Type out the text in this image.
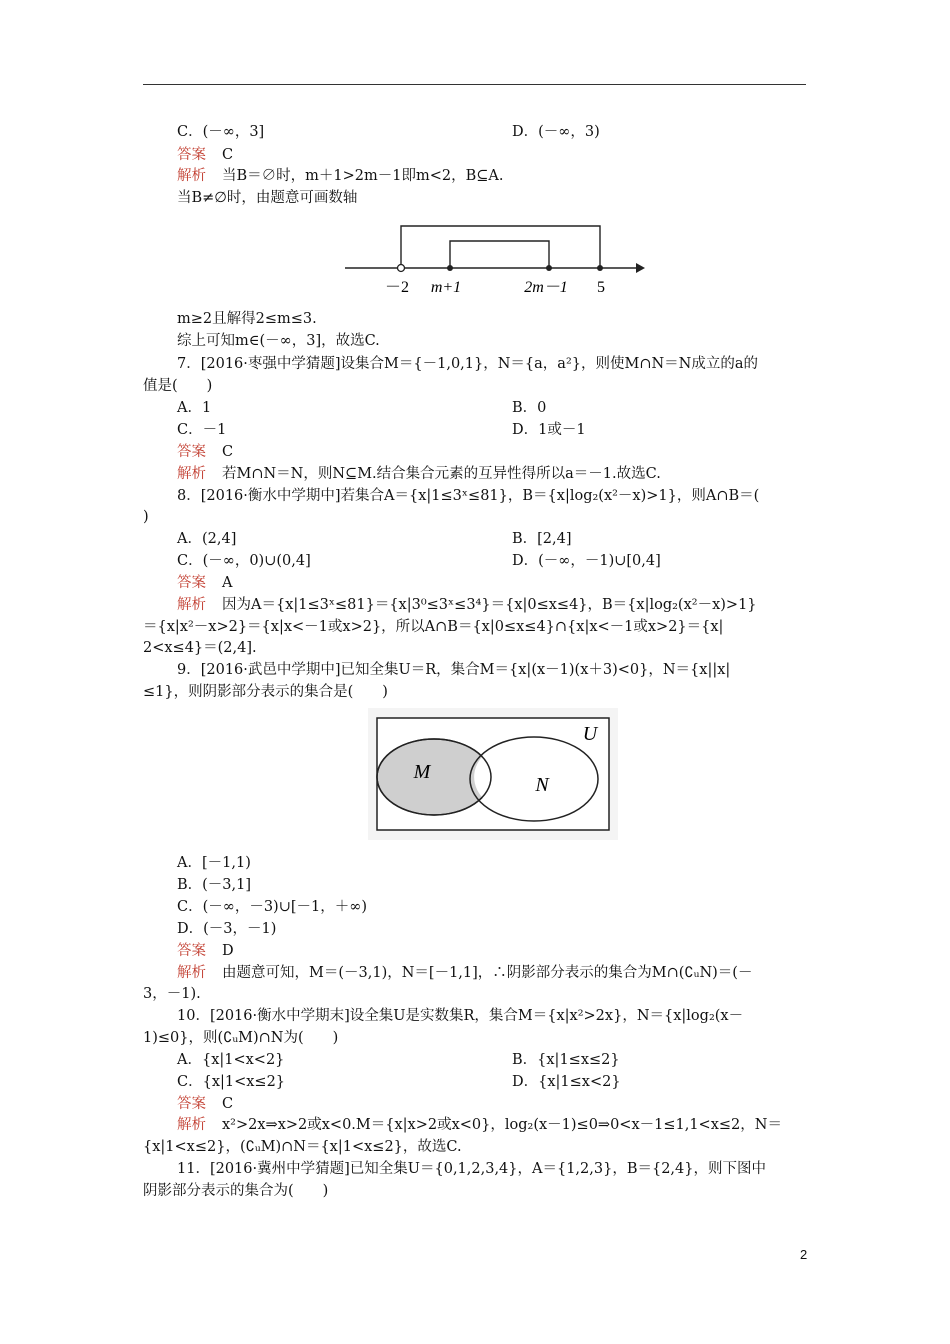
C．(－∞，3]	D．(－∞，3)
答案 C
解析 当B＝∅时，m＋1>2m－1即m<2，B⊆A.
当B≠∅时，由题意可画数轴
－2 m+1	2m－1 5
m≥2且解得2≤m≤3.
综上可知m∈(－∞，3]，故选C.
7．[2016·枣强中学猜题]设集合M＝{－1,0,1}，N＝{a，a²}，则使M∩N＝N成立的a的
值是(　　)
A．1	B．0
C．－1	D．1或－1
答案 C
解析 若M∩N＝N，则N⊆M.结合集合元素的互异性得所以a＝－1.故选C.
8．[2016·衡水中学期中]若集合A＝{x|1≤3ˣ≤81}，B＝{x|log₂(x²－x)>1}，则A∩B＝(
)
A．(2,4]	B．[2,4]
C．(－∞，0)∪(0,4]	D．(－∞，－1)∪[0,4]
答案 A
解析 因为A＝{x|1≤3ˣ≤81}＝{x|3⁰≤3ˣ≤3⁴}＝{x|0≤x≤4}，B＝{x|log₂(x²－x)>1}
＝{x|x²－x>2}＝{x|x<－1或x>2}，所以A∩B＝{x|0≤x≤4}∩{x|x<－1或x>2}＝{x|
2<x≤4}＝(2,4].
9．[2016·武邑中学期中]已知全集U＝R，集合M＝{x|(x－1)(x＋3)<0}，N＝{x||x|
≤1}，则阴影部分表示的集合是(　　)
U
M
N
A．[－1,1)
B．(－3,1]
C．(－∞，－3)∪[－1，＋∞)
D．(－3，－1)
答案 D
解析 由题意可知，M＝(－3,1)，N＝[－1,1]，∴阴影部分表示的集合为M∩(∁ᵤN)＝(－
3，－1).
10．[2016·衡水中学期末]设全集U是实数集R，集合M＝{x|x²>2x}，N＝{x|log₂(x－
1)≤0}，则(∁ᵤM)∩N为(　　)
A．{x|1<x<2}	B．{x|1≤x≤2}
C．{x|1<x≤2}	D．{x|1≤x<2}
答案 C
解析 x²>2x⇒x>2或x<0.M＝{x|x>2或x<0}，log₂(x－1)≤0⇒0<x－1≤1,1<x≤2，N＝
{x|1<x≤2}，(∁ᵤM)∩N＝{x|1<x≤2}，故选C.
11．[2016·冀州中学猜题]已知全集U＝{0,1,2,3,4}，A＝{1,2,3}，B＝{2,4}，则下图中
阴影部分表示的集合为(　　)
2
